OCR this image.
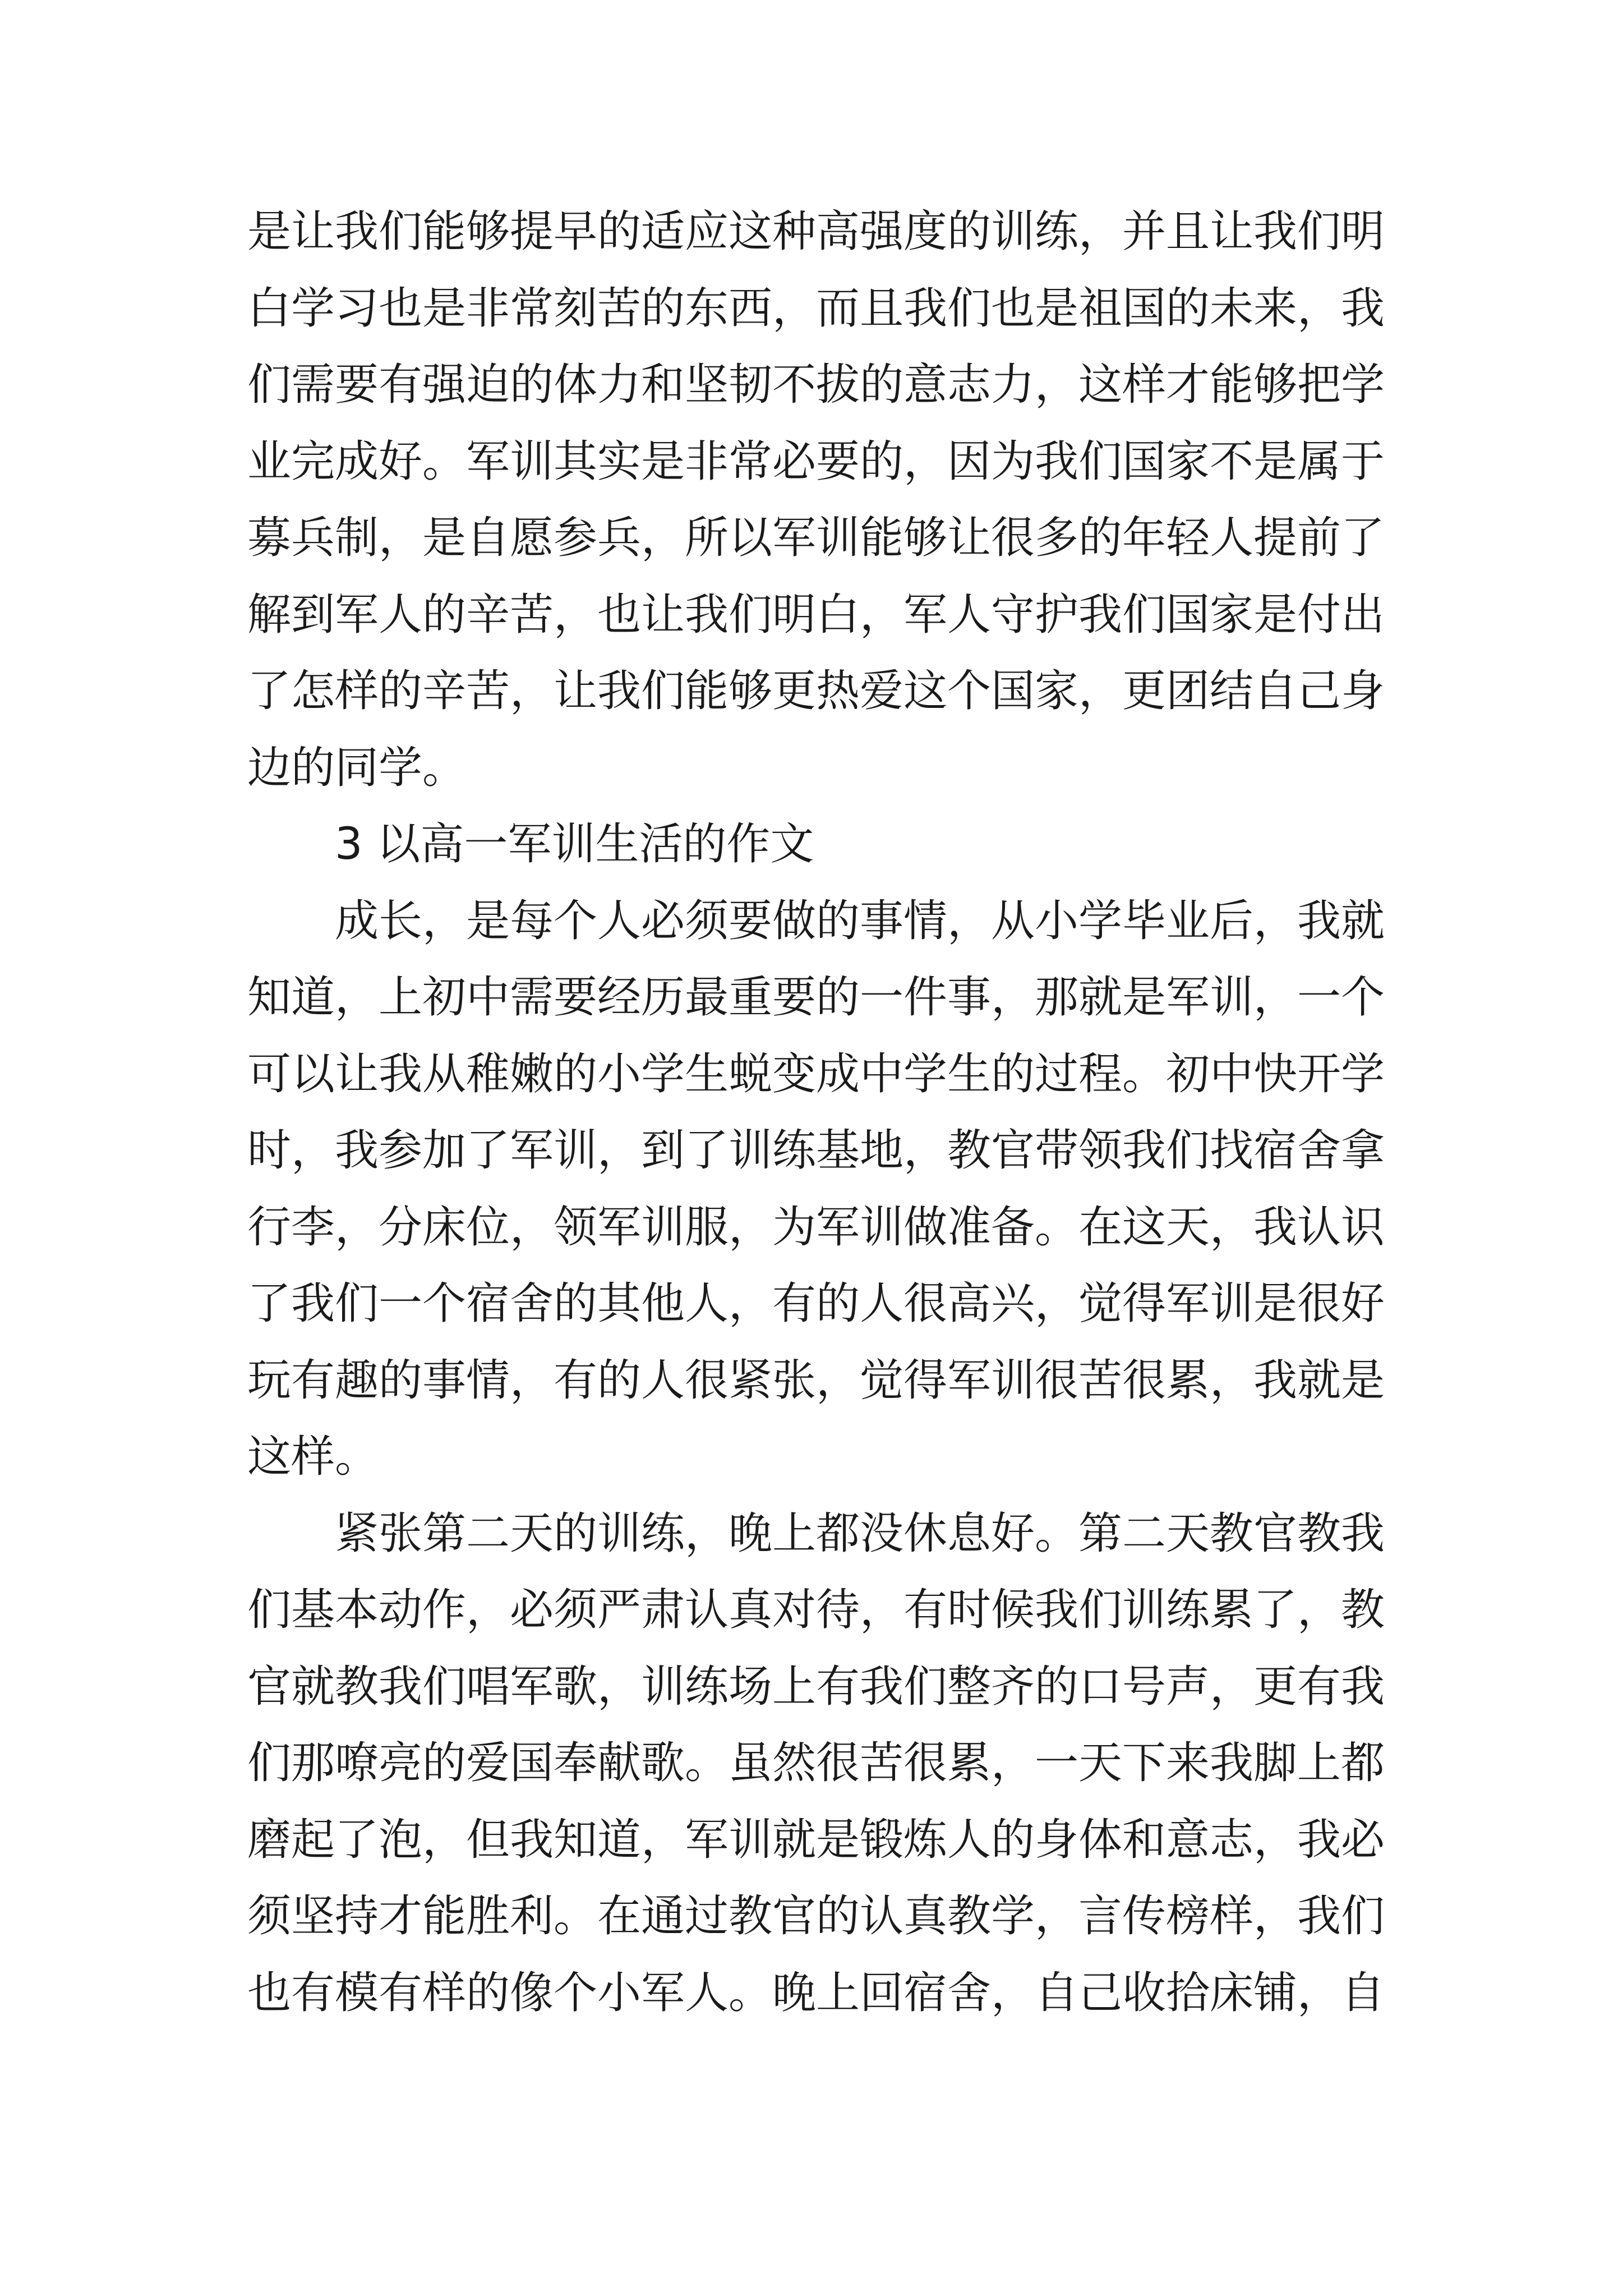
是让我们能够提早的适应这种高强度的训练，并且让我们明
白学习也是非常刻苦的东西，而且我们也是祖国的未来，我
们需要有强迫的体力和坚韧不拔的意志力，这样才能够把学
业完成好。军训其实是非常必要的，因为我们国家不是属于
募兵制，是自愿参兵，所以军训能够让很多的年轻人提前了
解到军人的辛苦，也让我们明白，军人守护我们国家是付出
了怎样的辛苦，让我们能够更热爱这个国家，更团结自己身
边的同学。
3 以高一军训生活的作文
成长，是每个人必须要做的事情，从小学毕业后，我就
知道，上初中需要经历最重要的一件事，那就是军训，一个
可以让我从稚嫩的小学生蜕变成中学生的过程。初中快开学
时，我参加了军训，到了训练基地，教官带领我们找宿舍拿
行李，分床位，领军训服，为军训做准备。在这天，我认识
了我们一个宿舍的其他人，有的人很高兴，觉得军训是很好
玩有趣的事情，有的人很紧张，觉得军训很苦很累，我就是
这样。
紧张第二天的训练，晚上都没休息好。第二天教官教我
们基本动作，必须严肃认真对待，有时候我们训练累了，教
官就教我们唱军歌，训练场上有我们整齐的口号声，更有我
们那嘹亮的爱国奉献歌。虽然很苦很累，一天下来我脚上都
磨起了泡，但我知道，军训就是锻炼人的身体和意志，我必
须坚持才能胜利。在通过教官的认真教学，言传榜样，我们
也有模有样的像个小军人。晚上回宿舍，自己收拾床铺，自
